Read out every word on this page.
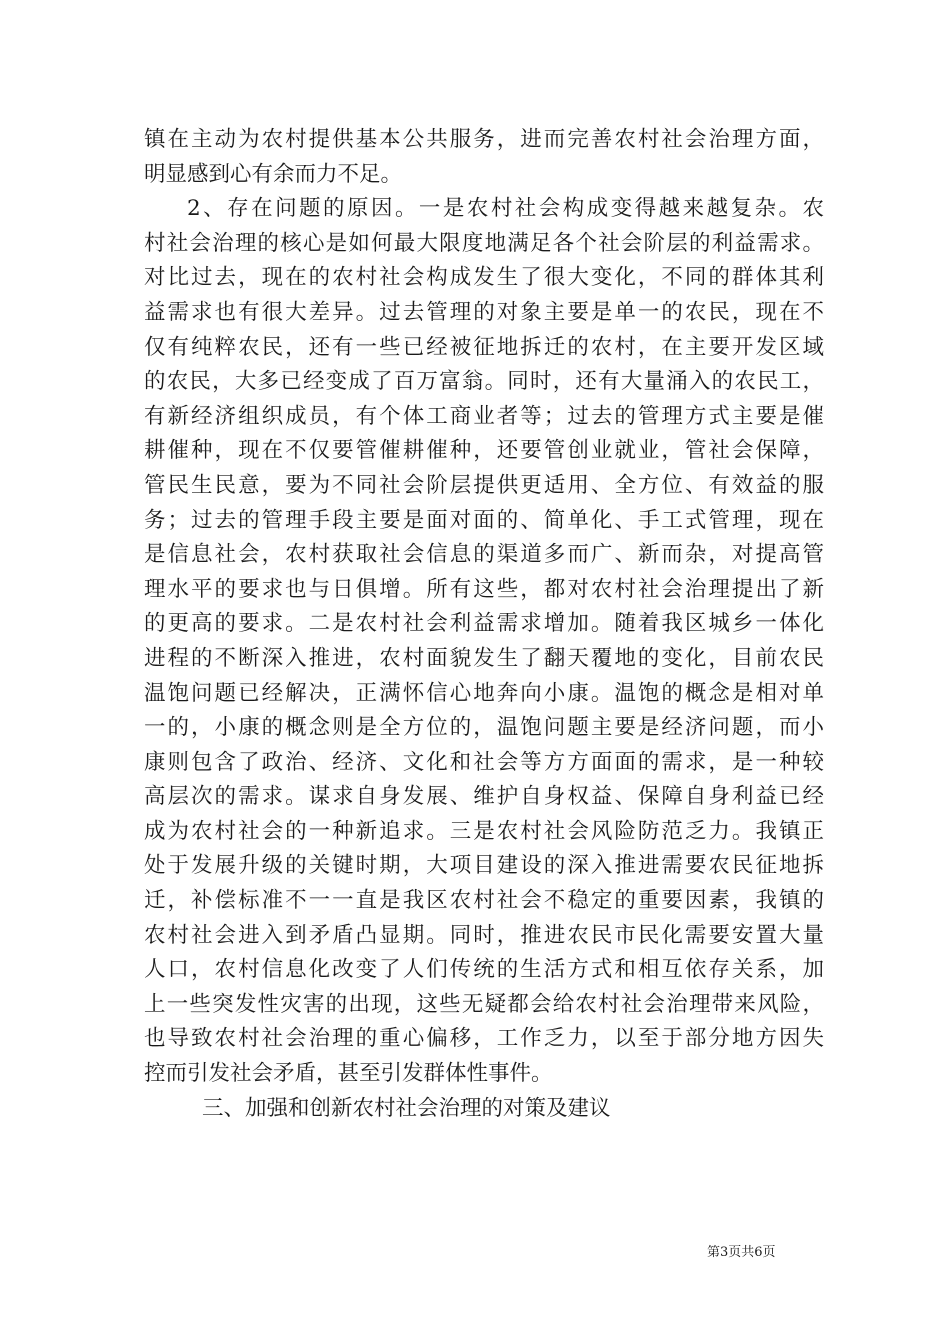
镇在主动为农村提供基本公共服务，进而完善农村社会治理方面，
明显感到心有余而力不足。
2、存在问题的原因。一是农村社会构成变得越来越复杂。农
村社会治理的核心是如何最大限度地满足各个社会阶层的利益需求。
对比过去，现在的农村社会构成发生了很大变化，不同的群体其利
益需求也有很大差异。过去管理的对象主要是单一的农民，现在不
仅有纯粹农民，还有一些已经被征地拆迁的农村，在主要开发区域
的农民，大多已经变成了百万富翁。同时，还有大量涌入的农民工，
有新经济组织成员，有个体工商业者等；过去的管理方式主要是催
耕催种，现在不仅要管催耕催种，还要管创业就业，管社会保障，
管民生民意，要为不同社会阶层提供更适用、全方位、有效益的服
务；过去的管理手段主要是面对面的、简单化、手工式管理，现在
是信息社会，农村获取社会信息的渠道多而广、新而杂，对提高管
理水平的要求也与日俱增。所有这些，都对农村社会治理提出了新
的更高的要求。二是农村社会利益需求增加。随着我区城乡一体化
进程的不断深入推进，农村面貌发生了翻天覆地的变化，目前农民
温饱问题已经解决，正满怀信心地奔向小康。温饱的概念是相对单
一的，小康的概念则是全方位的，温饱问题主要是经济问题，而小
康则包含了政治、经济、文化和社会等方方面面的需求，是一种较
高层次的需求。谋求自身发展、维护自身权益、保障自身利益已经
成为农村社会的一种新追求。三是农村社会风险防范乏力。我镇正
处于发展升级的关键时期，大项目建设的深入推进需要农民征地拆
迁，补偿标准不一一直是我区农村社会不稳定的重要因素，我镇的
农村社会进入到矛盾凸显期。同时，推进农民市民化需要安置大量
人口，农村信息化改变了人们传统的生活方式和相互依存关系，加
上一些突发性灾害的出现，这些无疑都会给农村社会治理带来风险，
也导致农村社会治理的重心偏移，工作乏力，以至于部分地方因失
控而引发社会矛盾，甚至引发群体性事件。
三、加强和创新农村社会治理的对策及建议
第3页共6页
